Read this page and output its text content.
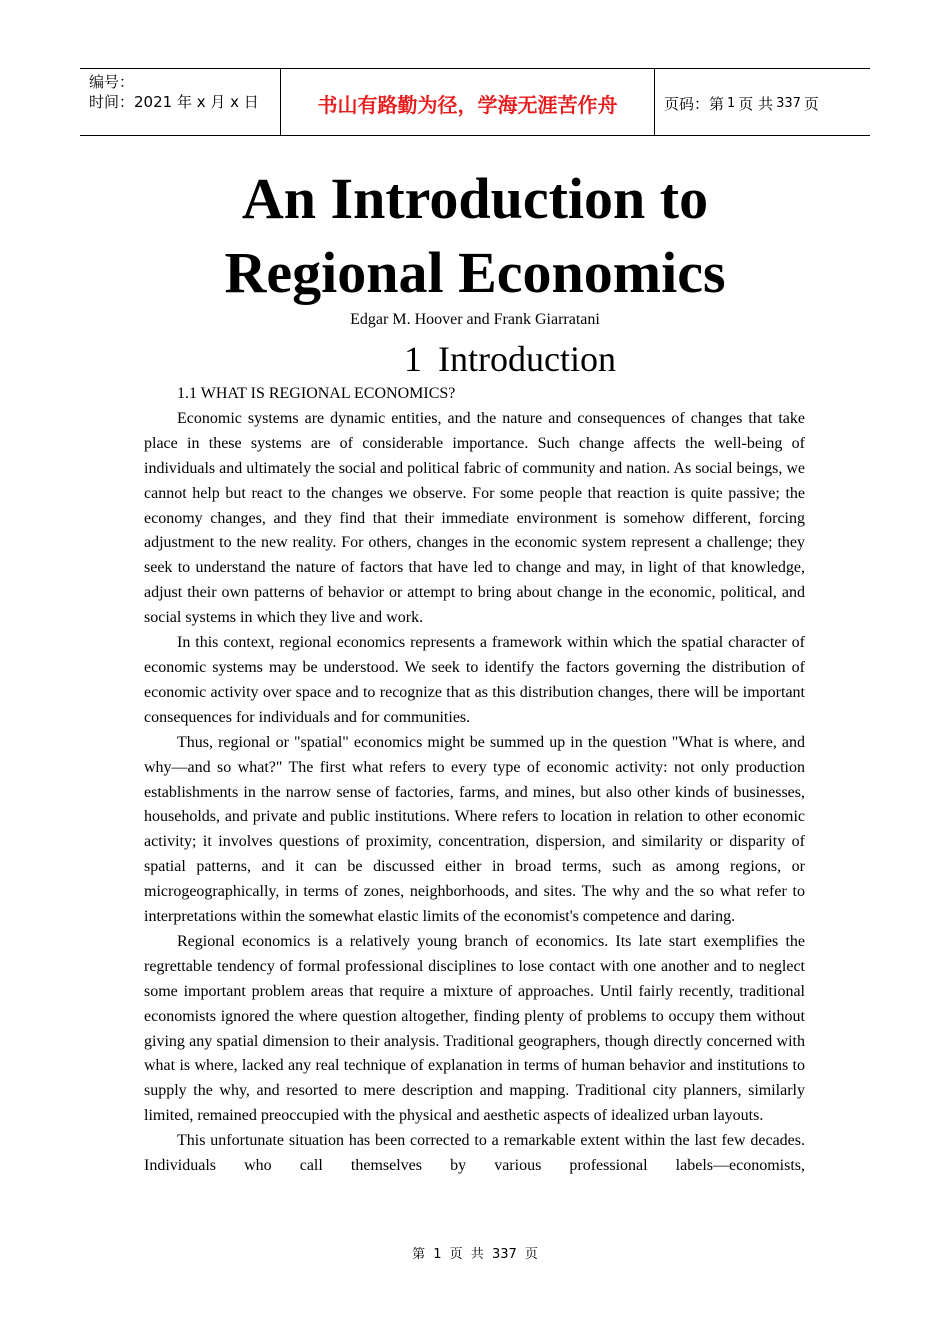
编号：
时间：2021 年 x 月 x 日	书山有路勤为径，学海无涯苦作舟	页码：第 1 页 共 337 页
An Introduction to
Regional Economics
Edgar M. Hoover and Frank Giarratani
1 Introduction

1.1 WHAT IS REGIONAL ECONOMICS?

Economic systems are dynamic entities, and the nature and consequences of changes that take place in these systems are of considerable importance. Such change affects the well-being of individuals and ultimately the social and political fabric of community and nation. As social beings, we cannot help but react to the changes we observe. For some people that reaction is quite passive; the economy changes, and they find that their immediate environment is somehow different, forcing adjustment to the new reality. For others, changes in the economic system represent a challenge; they seek to understand the nature of factors that have led to change and may, in light of that knowledge, adjust their own patterns of behavior or attempt to bring about change in the economic, political, and social systems in which they live and work.

In this context, regional economics represents a framework within which the spatial character of economic systems may be understood. We seek to identify the factors governing the distribution of economic activity over space and to recognize that as this distribution changes, there will be important consequences for individuals and for communities.

Thus, regional or "spatial" economics might be summed up in the question "What is where, and why—and so what?" The first what refers to every type of economic activity: not only production establishments in the narrow sense of factories, farms, and mines, but also other kinds of businesses, households, and private and public institutions. Where refers to location in relation to other economic activity; it involves questions of proximity, concentration, dispersion, and similarity or disparity of spatial patterns, and it can be discussed either in broad terms, such as among regions, or microgeographically, in terms of zones, neighborhoods, and sites. The why and the so what refer to interpretations within the somewhat elastic limits of the economist's competence and daring.

Regional economics is a relatively young branch of economics. Its late start exemplifies the regrettable tendency of formal professional disciplines to lose contact with one another and to neglect some important problem areas that require a mixture of approaches. Until fairly recently, traditional economists ignored the where question altogether, finding plenty of problems to occupy them without giving any spatial dimension to their analysis. Traditional geographers, though directly concerned with what is where, lacked any real technique of explanation in terms of human behavior and institutions to supply the why, and resorted to mere description and mapping. Traditional city planners, similarly limited, remained preoccupied with the physical and aesthetic aspects of idealized urban layouts.

This unfortunate situation has been corrected to a remarkable extent within the last few decades. Individuals who call themselves by various professional labels—economists,

第 1 页 共 337 页
